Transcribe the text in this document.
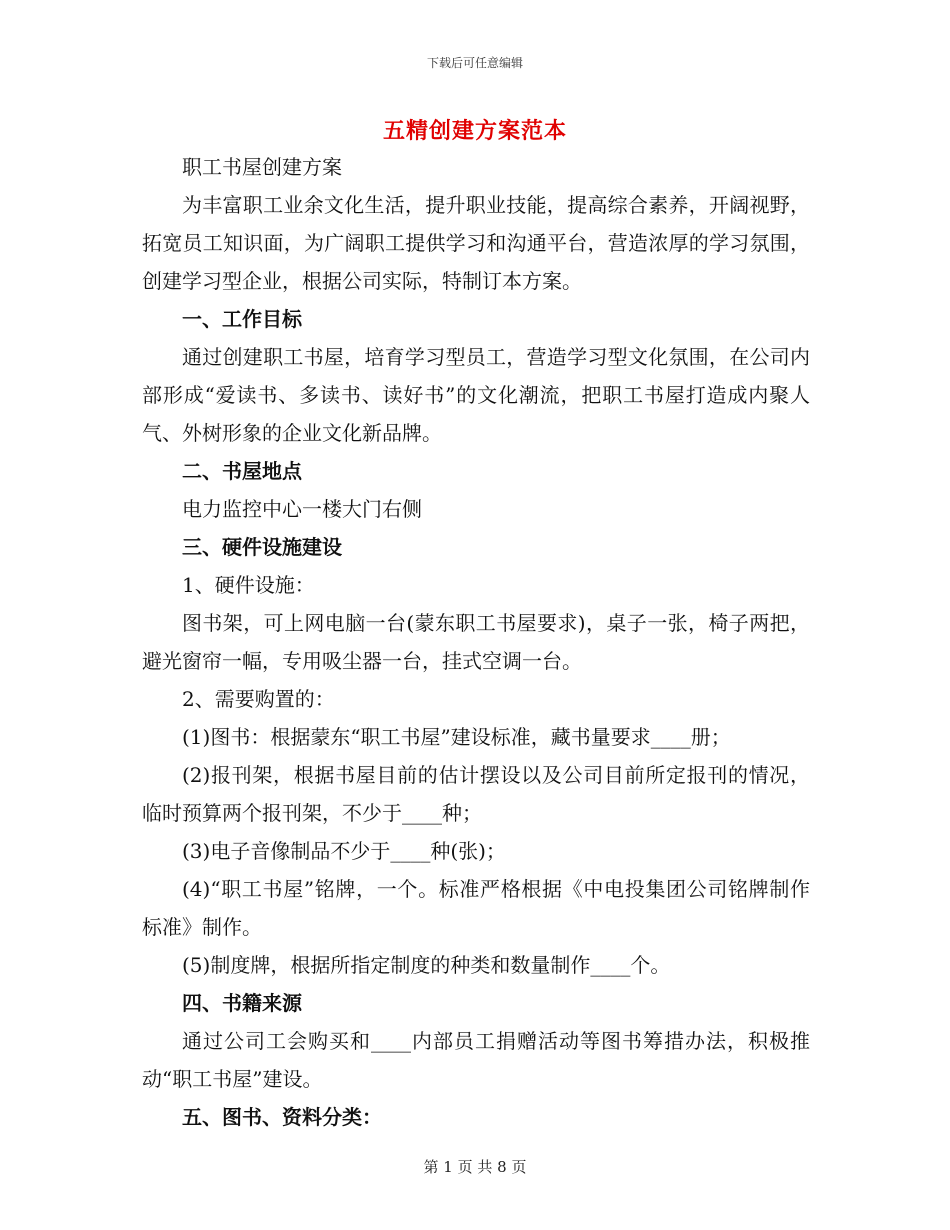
下载后可任意编辑
五精创建方案范本

职工书屋创建方案

为丰富职工业余文化生活，提升职业技能，提高综合素养，开阔视野，拓宽员工知识面，为广阔职工提供学习和沟通平台，营造浓厚的学习氛围，创建学习型企业，根据公司实际，特制订本方案。

一、工作目标

通过创建职工书屋，培育学习型员工，营造学习型文化氛围，在公司内部形成“爱读书、多读书、读好书”的文化潮流，把职工书屋打造成内聚人气、外树形象的企业文化新品牌。

二、书屋地点

电力监控中心一楼大门右侧

三、硬件设施建设

1、硬件设施：

图书架，可上网电脑一台(蒙东职工书屋要求)，桌子一张，椅子两把，避光窗帘一幅，专用吸尘器一台，挂式空调一台。

2、需要购置的：

(1)图书：根据蒙东“职工书屋”建设标准，藏书量要求____册；

(2)报刊架，根据书屋目前的估计摆设以及公司目前所定报刊的情况，临时预算两个报刊架，不少于____种；

(3)电子音像制品不少于____种(张)；

(4)“职工书屋”铭牌，一个。标准严格根据《中电投集团公司铭牌制作标准》制作。

(5)制度牌，根据所指定制度的种类和数量制作____个。

四、书籍来源

通过公司工会购买和____内部员工捐赠活动等图书筹措办法，积极推动“职工书屋”建设。

五、图书、资料分类：

第 1 页 共 8 页
